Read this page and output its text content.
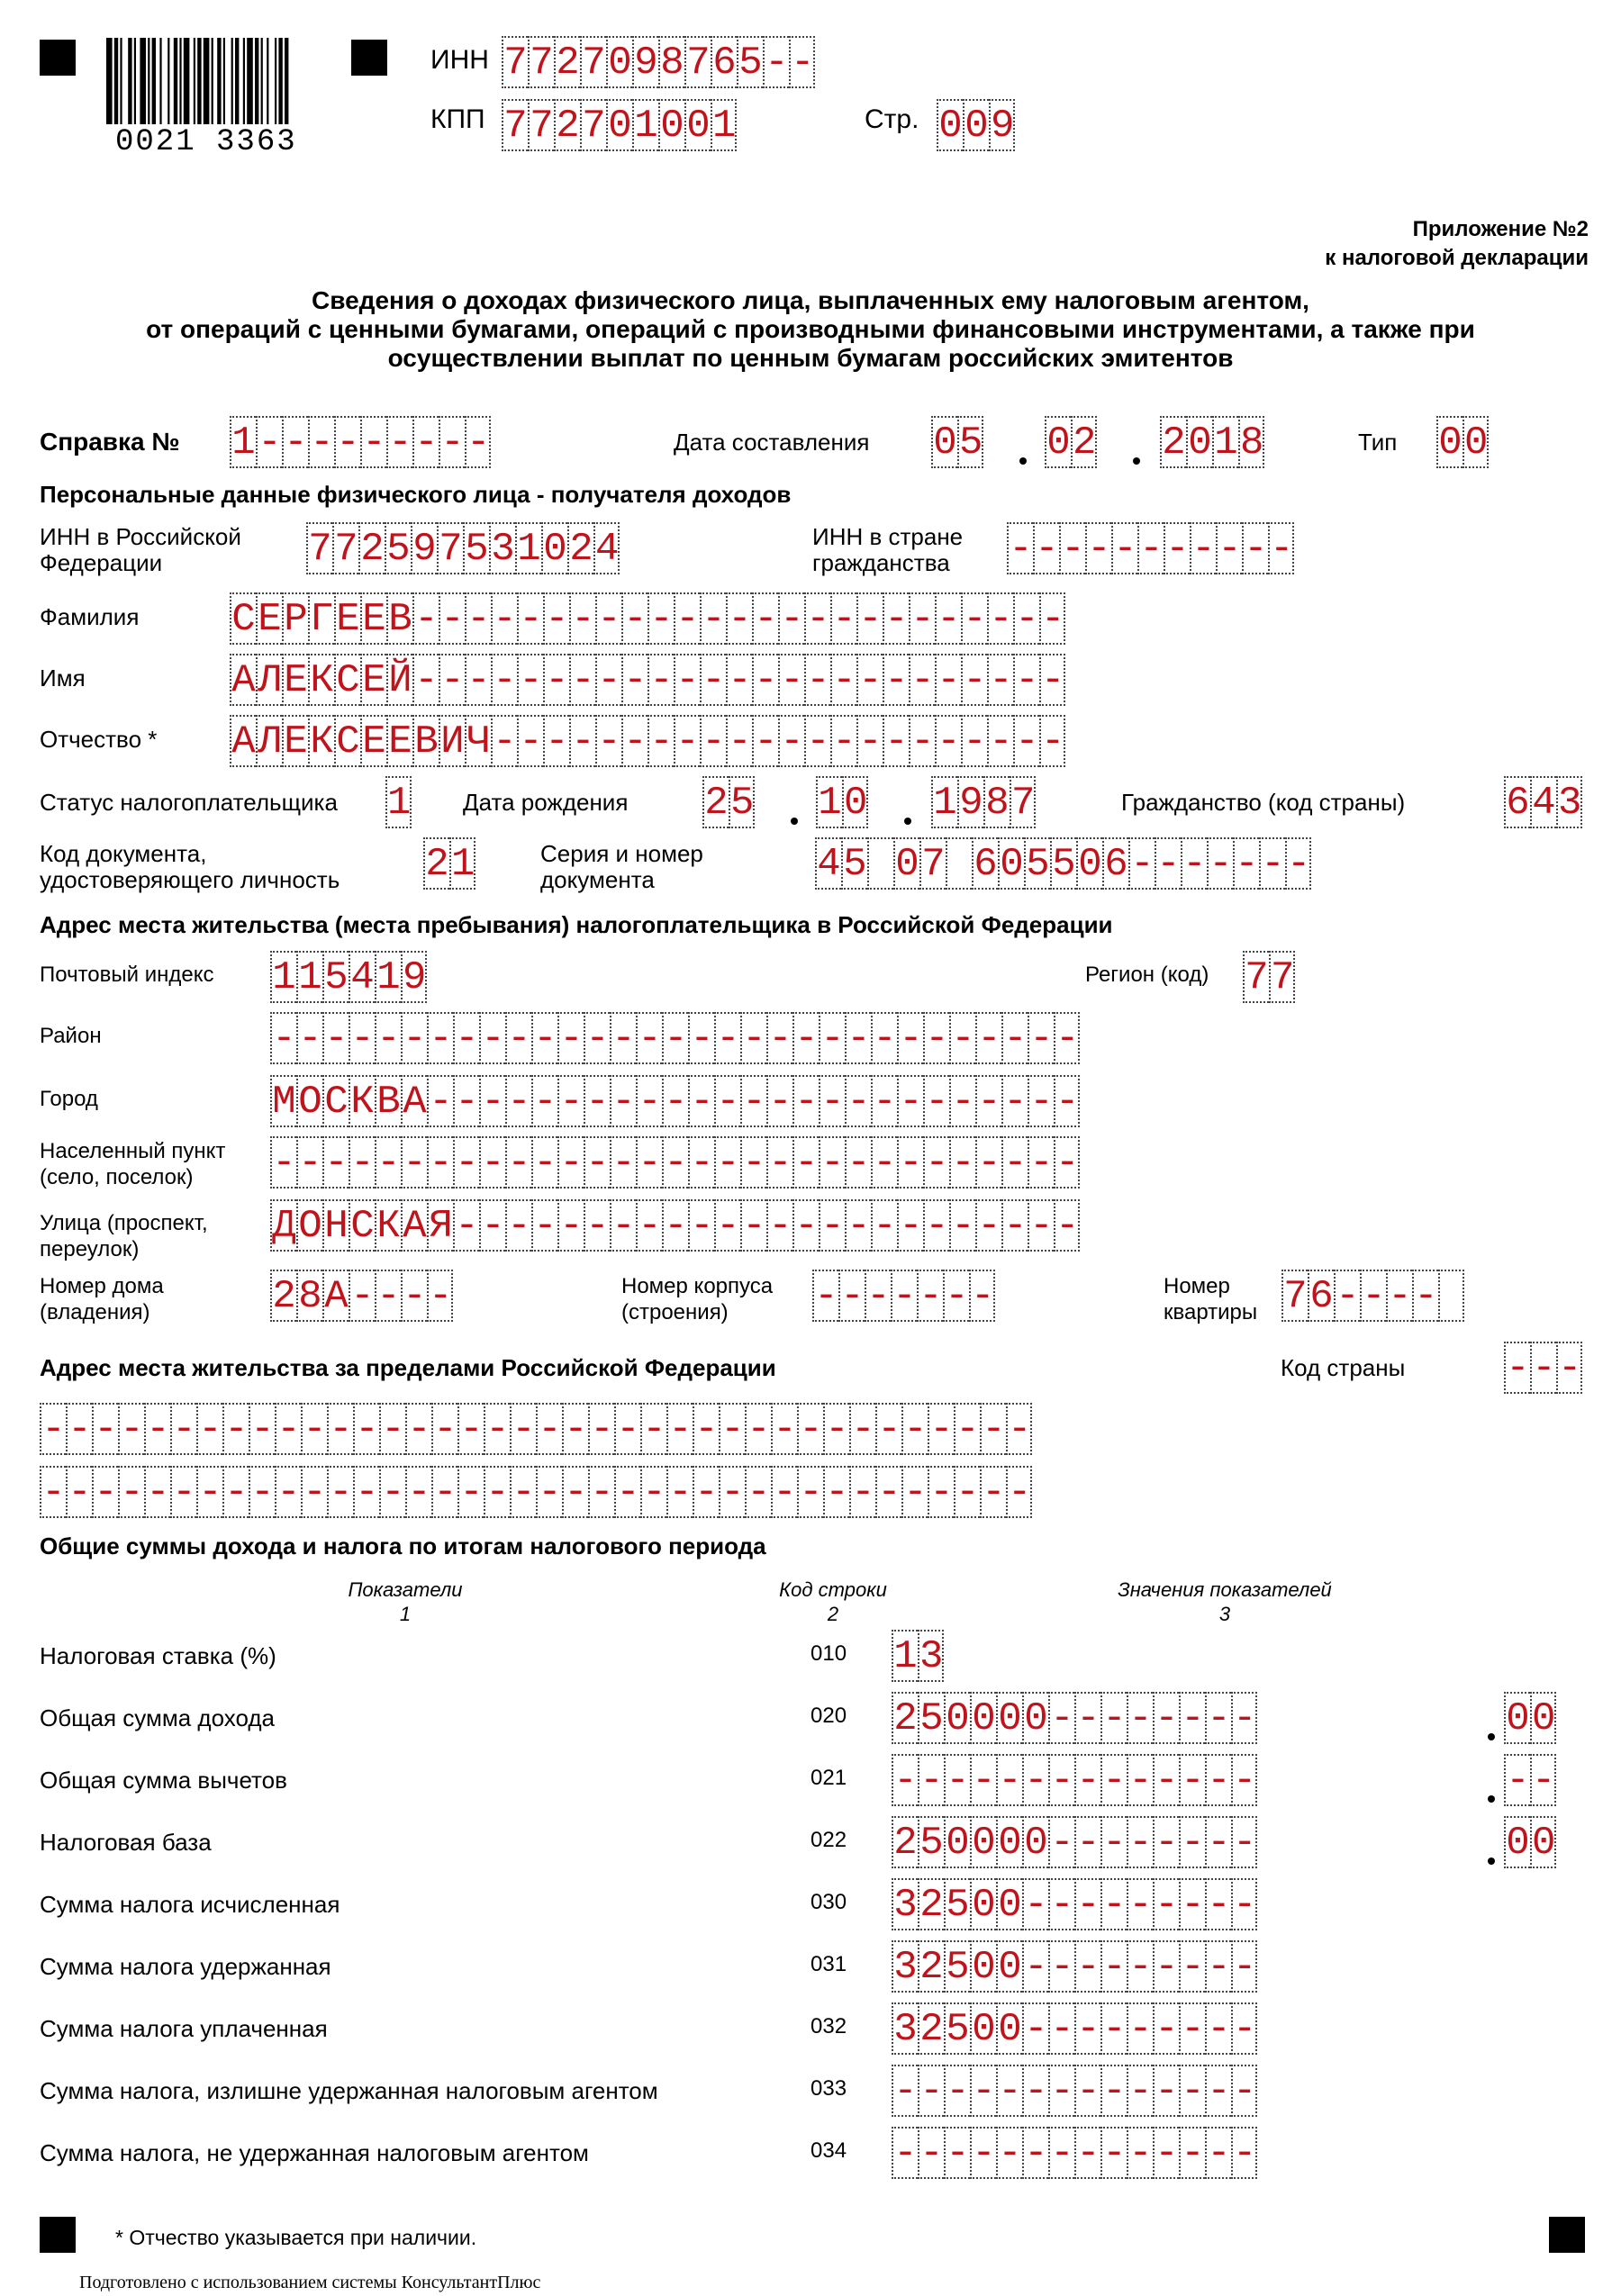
0021 3363
ИНН 7 7 2 7 0 9 8 7 6 5 - -
КПП 7 7 2 7 0 1 0 0 1	Стр. 0 0 9
Приложение №2
к налоговой декларации
Сведения о доходах физического лица, выплаченных ему налоговым агентом,
от операций с ценными бумагами, операций с производными финансовыми инструментами, а также при
осуществлении выплат по ценным бумагам российских эмитентов
Справка № 1 - - - - - - - - -	Дата составления 0 5 0 2 2 0 1 8	Тип 0 0
Персональные данные физического лица - получателя доходов
ИНН в Российской
Федерации	7 7 2 5 9 7 5 3 1 0 2 4	ИНН в стране
гражданства	- - - - - - - - - - -
Фамилия С Е Р Г Е Е В - - - - - - - - - - - - - - - - - - - - - - - - -
Имя	А Л Е К С Е Й - - - - - - - - - - - - - - - - - - - - - - - - -
Отчество * А Л Е К С Е Е В И Ч - - - - - - - - - - - - - - - - - - - - - -
Статус налогоплательщика 1 Дата рождения 2 5 1 0 1 9 8 7	Гражданство (код страны)	6 4 3
Код документа,
удостоверяющего личность 2 1	Серия и номер
документа	4 5 0 7 6 0 5 5 0 6 - - - - - - -
Адрес места жительства (места пребывания) налогоплательщика в Российской Федерации
Почтовый индекс 1 1 5 4 1 9	Регион (код) 7 7
Район	- - - - - - - - - - - - - - - - - - - - - - - - - - - - - - -
Город	М О С К В А - - - - - - - - - - - - - - - - - - - - - - - - -
Населенный пункт
(село, поселок)	- - - - - - - - - - - - - - - - - - - - - - - - - - - - - - -
Улица (проспект,
переулок)
Д О Н С К А Я - - - - - - - - - - - - - - - - - - - - - - - -
Номер дома
(владения)	2 8 А - - - -	Номер корпуса
(строения)	- - - - - - -	Номер
квартиры 7 6 - - - -
Адрес места жительства за пределами Российской Федерации	Код страны	- - -
- - - - - - - - - - - - - - - - - - - - - - - - - - - - - - - - - - - - - -
- - - - - - - - - - - - - - - - - - - - - - - - - - - - - - - - - - - - - -
Общие суммы дохода и налога по итогам налогового периода
Показатели
1
Код строки
2
Значения показателей
3
Налоговая ставка (%)	010 1 3
Общая сумма дохода	020 2 5 0 0 0 0 - - - - - - - -	0 0
Общая сумма вычетов	021 - - - - - - - - - - - - - -	- -
Налоговая база	022 2 5 0 0 0 0 - - - - - - - -	0 0
Сумма налога исчисленная	030 3 2 5 0 0 - - - - - - - - -
Сумма налога удержанная	031 3 2 5 0 0 - - - - - - - - -
Сумма налога уплаченная	032 3 2 5 0 0 - - - - - - - - -
Сумма налога, излишне удержанная налоговым агентом	033 - - - - - - - - - - - - - -
Сумма налога, не удержанная налоговым агентом	034 - - - - - - - - - - - - - -
* Отчество указывается при наличии.
Подготовлено с использованием системы КонсультантПлюс
